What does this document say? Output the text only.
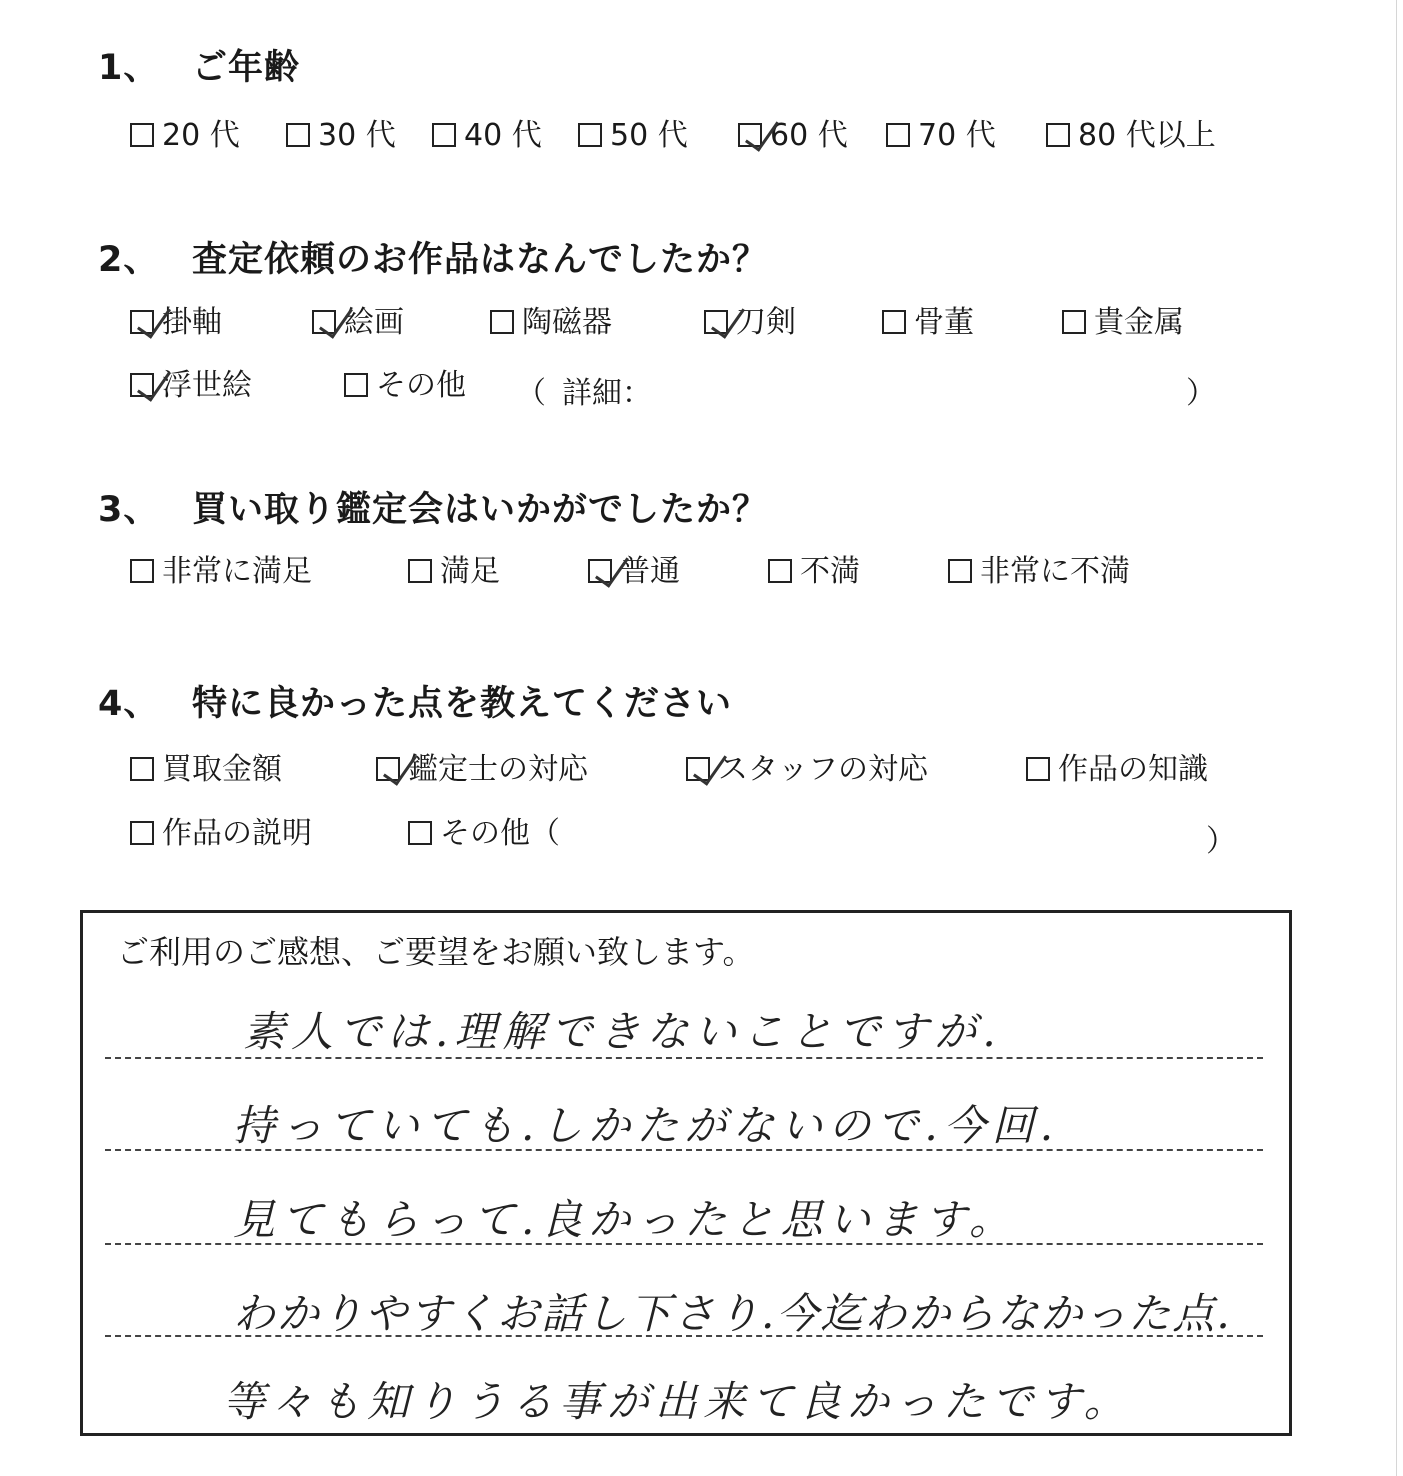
1、 ご年齢
20 代	30 代	40 代	50 代	60 代	70 代	80 代以上
2、 査定依頼のお作品はなんでしたか？
掛軸	絵画	陶磁器	刀剣	骨董	貴金属
浮世絵	その他 （ 詳細：	）
3、 買い取り鑑定会はいかがでしたか？
非常に満足	満足	普通	不満	非常に不満
4、 特に良かった点を教えてください
買取金額	鑑定士の対応	スタッフの対応	作品の知識
作品の説明	その他（	）
ご利用のご感想、ご要望をお願い致します。
素人では.理解できないことですが.
持っていても.しかたがないので.今回.
見てもらって.良かったと思います。
わかりやすくお話し下さり.今迄わからなかった点.
等々も知りうる事が出来て良かったです。
